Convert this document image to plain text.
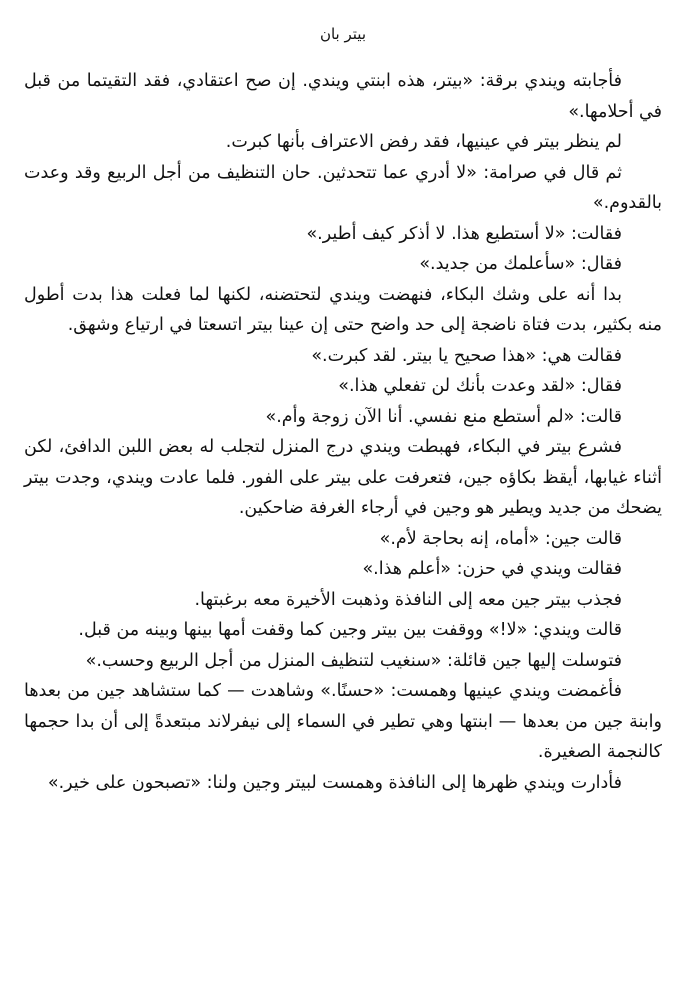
بيتر بان

فأجابته ويندي برقة: «بيتر، هذه ابنتي ويندي. إن صح اعتقادي، فقد التقيتما من قبل في أحلامها.»

لم ينظر بيتر في عينيها، فقد رفض الاعتراف بأنها كبرت.

ثم قال في صرامة: «لا أدري عما تتحدثين. حان التنظيف من أجل الربيع وقد وعدت بالقدوم.»

فقالت: «لا أستطيع هذا. لا أذكر كيف أطير.»

فقال: «سأعلمك من جديد.»

بدا أنه على وشك البكاء، فنهضت ويندي لتحتضنه، لكنها لما فعلت هذا بدت أطول منه بكثير، بدت فتاة ناضجة إلى حد واضح حتى إن عينا بيتر اتسعتا في ارتياع وشهق.

فقالت هي: «هذا صحيح يا بيتر. لقد كبرت.»

فقال: «لقد وعدت بأنك لن تفعلي هذا.»

قالت: «لم أستطع منع نفسي. أنا الآن زوجة وأم.»

فشرع بيتر في البكاء، فهبطت ويندي درج المنزل لتجلب له بعض اللبن الدافئ، لكن أثناء غيابها، أيقظ بكاؤه جين، فتعرفت على بيتر على الفور. فلما عادت ويندي، وجدت بيتر يضحك من جديد ويطير هو وجين في أرجاء الغرفة ضاحكين.

قالت جين: «أماه، إنه بحاجة لأم.»

فقالت ويندي في حزن: «أعلم هذا.»

فجذب بيتر جين معه إلى النافذة وذهبت الأخيرة معه برغبتها.

قالت ويندي: «لا!» ووقفت بين بيتر وجين كما وقفت أمها بينها وبينه من قبل.

فتوسلت إليها جين قائلة: «سنغيب لتنظيف المنزل من أجل الربيع وحسب.»

فأغمضت ويندي عينيها وهمست: «حسنًا.» وشاهدت — كما ستشاهد جين من بعدها وابنة جين من بعدها — ابنتها وهي تطير في السماء إلى نيفرلاند مبتعدةً إلى أن بدا حجمها كالنجمة الصغيرة.

فأدارت ويندي ظهرها إلى النافذة وهمست لبيتر وجين ولنا: «تصبحون على خير.»
